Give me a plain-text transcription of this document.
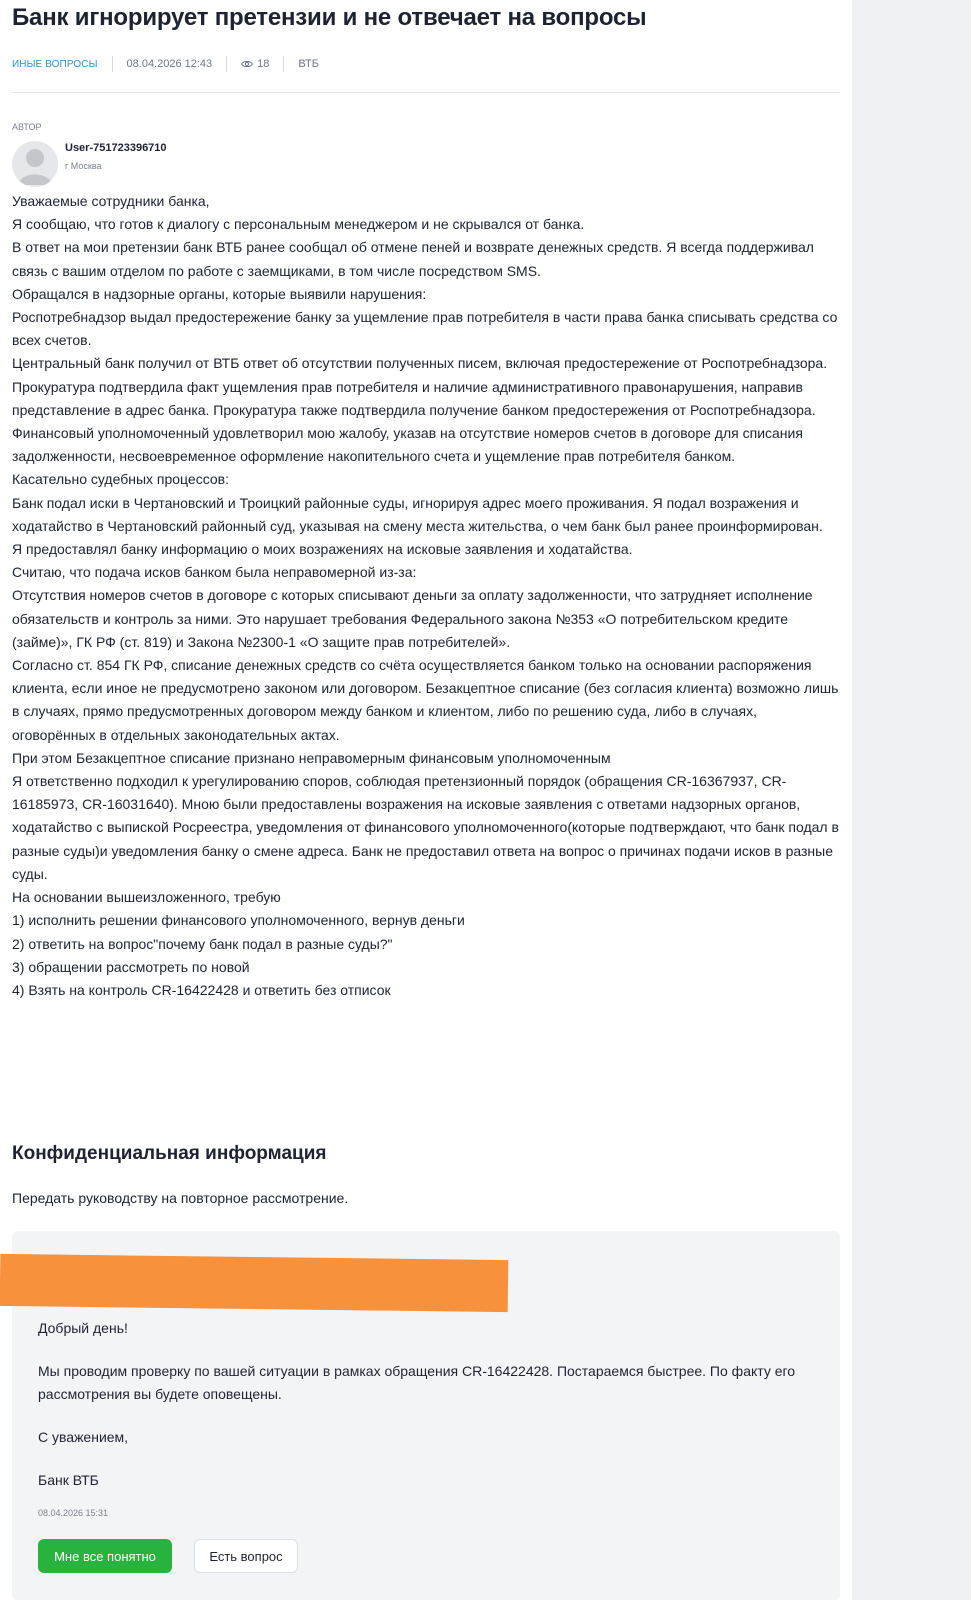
Банк игнорирует претензии и не отвечает на вопросы
ИНЫЕ ВОПРОСЫ	08.04.2026 12:43	18	ВТБ
АВТОР
User-751723396710
г Москва

Уважаемые сотрудники банка,

Я сообщаю, что готов к диалогу с персональным менеджером и не скрывался от банка.

В ответ на мои претензии банк ВТБ ранее сообщал об отмене пеней и возврате денежных средств. Я всегда поддерживал связь с вашим отделом по работе с заемщиками, в том числе посредством SMS.

Обращался в надзорные органы, которые выявили нарушения:

Роспотребнадзор выдал предостережение банку за ущемление прав потребителя в части права банка списывать средства со всех счетов.

Центральный банк получил от ВТБ ответ об отсутствии полученных писем, включая предостережение от Роспотребнадзора.

Прокуратура подтвердила факт ущемления прав потребителя и наличие административного правонарушения, направив представление в адрес банка. Прокуратура также подтвердила получение банком предостережения от Роспотребнадзора.

Финансовый уполномоченный удовлетворил мою жалобу, указав на отсутствие номеров счетов в договоре для списания задолженности, несвоевременное оформление накопительного счета и ущемление прав потребителя банком.

Касательно судебных процессов:

Банк подал иски в Чертановский и Троицкий районные суды, игнорируя адрес моего проживания. Я подал возражения и ходатайство в Чертановский районный суд, указывая на смену места жительства, о чем банк был ранее проинформирован.

Я предоставлял банку информацию о моих возражениях на исковые заявления и ходатайства.

Считаю, что подача исков банком была неправомерной из-за:

Отсутствия номеров счетов в договоре с которых списывают деньги за оплату задолженности, что затрудняет исполнение обязательств и контроль за ними. Это нарушает требования Федерального закона №353 «О потребительском кредите (займе)», ГК РФ (ст. 819) и Закона №2300-1 «О защите прав потребителей».

Согласно ст. 854 ГК РФ, списание денежных средств со счёта осуществляется банком только на основании распоряжения клиента, если иное не предусмотрено законом или договором. Безакцептное списание (без согласия клиента) возможно лишь в случаях, прямо предусмотренных договором между банком и клиентом, либо по решению суда, либо в случаях, оговорённых в отдельных законодательных актах.

При этом Безакцептное списание признано неправомерным финансовым уполномоченным

Я ответственно подходил к урегулированию споров, соблюдая претензионный порядок (обращения CR-16367937, CR-16185973, CR-16031640). Мною были предоставлены возражения на исковые заявления с ответами надзорных органов, ходатайство с выпиской Росреестра, уведомления от финансового уполномоченного(которые подтверждают, что банк подал в разные суды)и уведомления банку о смене адреса. Банк не предоставил ответа на вопрос о причинах подачи исков в разные суды.

На основании вышеизложенного, требую

1) исполнить решении финансового уполномоченного, вернув деньги

2) ответить на вопрос"почему банк подал в разные суды?"

3) обращении рассмотреть по новой

4) Взять на контроль CR-16422428 и ответить без отписок

Конфиденциальная информация
Передать руководству на повторное рассмотрение.

Добрый день!

Мы проводим проверку по вашей ситуации в рамках обращения CR-16422428. Постараемся быстрее. По факту его рассмотрения вы будете оповещены.

С уважением,

Банк ВТБ

08.04.2026 15:31
Мне все понятно	Есть вопрос
